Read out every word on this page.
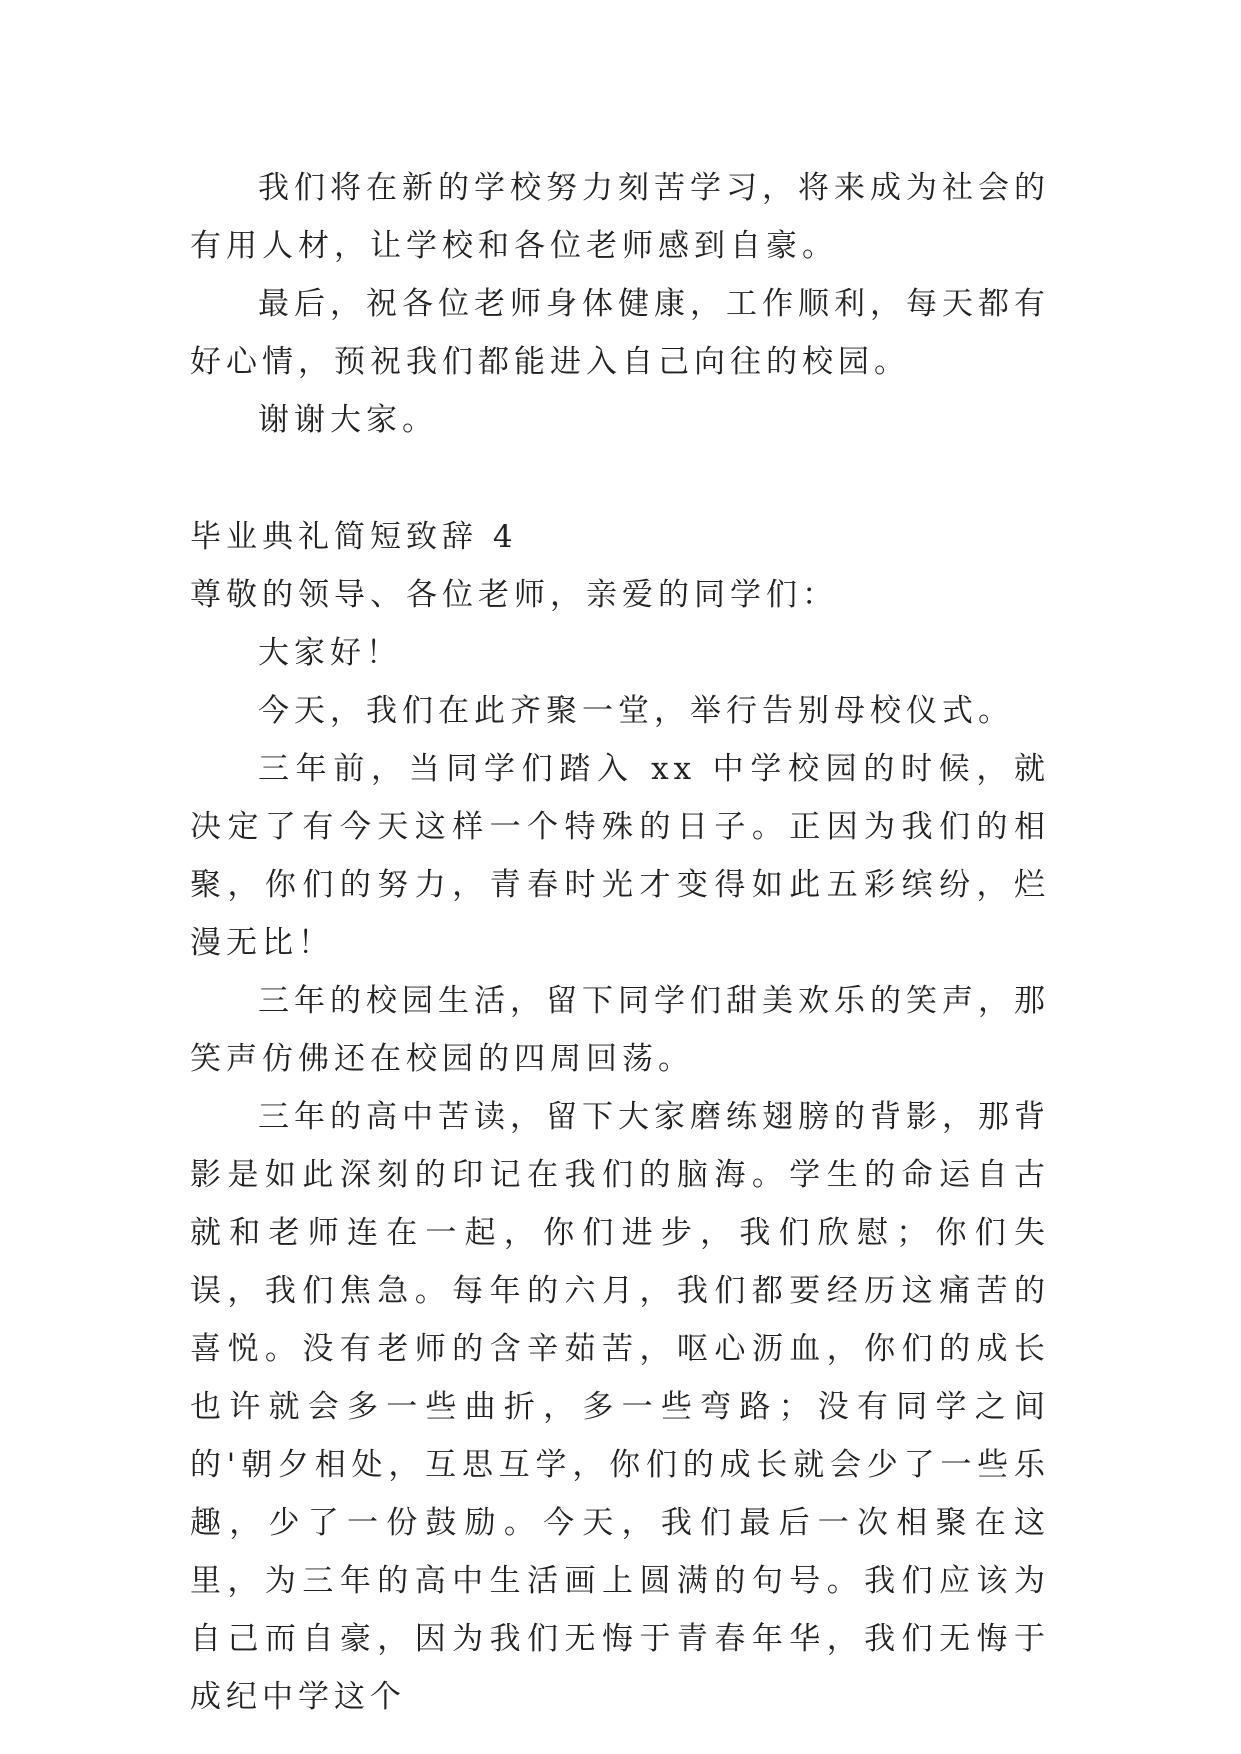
我们将在新的学校努力刻苦学习，将来成为社会的有用人材，让学校和各位老师感到自豪。

最后，祝各位老师身体健康，工作顺利，每天都有好心情，预祝我们都能进入自己向往的校园。

谢谢大家。

毕业典礼简短致辞 4

尊敬的领导、各位老师，亲爱的同学们：

大家好！

今天，我们在此齐聚一堂，举行告别母校仪式。

三年前，当同学们踏入 xx 中学校园的时候，就决定了有今天这样一个特殊的日子。正因为我们的相聚，你们的努力，青春时光才变得如此五彩缤纷，烂漫无比！

三年的校园生活，留下同学们甜美欢乐的笑声，那笑声仿佛还在校园的四周回荡。

三年的高中苦读，留下大家磨练翅膀的背影，那背影是如此深刻的印记在我们的脑海。学生的命运自古就和老师连在一起，你们进步，我们欣慰；你们失误，我们焦急。每年的六月，我们都要经历这痛苦的喜悦。没有老师的含辛茹苦，呕心沥血，你们的成长也许就会多一些曲折，多一些弯路；没有同学之间的'朝夕相处，互思互学，你们的成长就会少了一些乐趣，少了一份鼓励。今天，我们最后一次相聚在这里，为三年的高中生活画上圆满的句号。我们应该为自己而自豪，因为我们无悔于青春年华，我们无悔于成纪中学这个
